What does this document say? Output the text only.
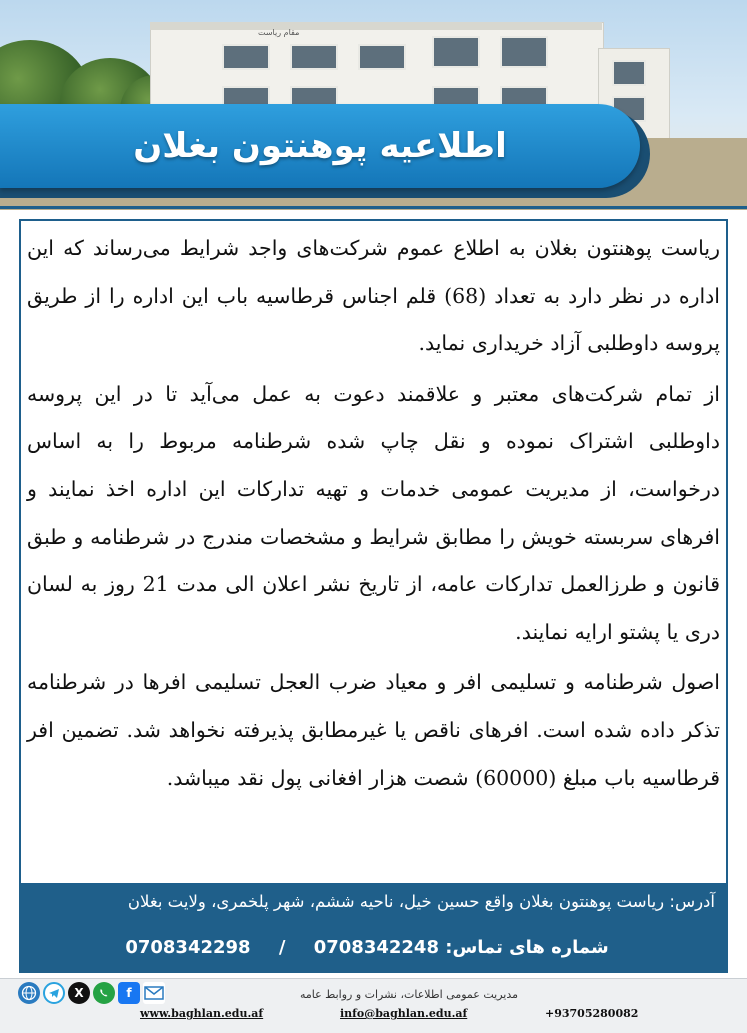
مقام ریاست
اطلاعیه پوهنتون بغلان

ریاست پوهنتون بغلان به اطلاع عموم شرکت‌های واجد شرایط می‌رساند که این اداره در نظر دارد به تعداد (68) قلم اجناس قرطاسیه باب این اداره را از طریق پروسه داوطلبی آزاد خریداری نماید.

از تمام شرکت‌های معتبر و علاقمند دعوت به عمل می‌آید تا در این پروسه داوطلبی اشتراک نموده و نقل چاپ شده شرطنامه مربوط را به اساس درخواست، از مدیریت عمومی خدمات و تهیه تدارکات این اداره اخذ نمایند و افرهای سربسته خویش را مطابق شرایط و مشخصات مندرج در شرطنامه و طبق قانون و طرزالعمل تدارکات عامه، از تاریخ نشر اعلان الی مدت 21 روز به لسان دری یا پشتو ارایه نمایند.

اصول شرطنامه و تسلیمی افر و معیاد ضرب العجل تسلیمی افرها در شرطنامه تذکر داده شده است. افرهای ناقص یا غیرمطابق پذیرفته نخواهد شد. تضمین افر قرطاسیه باب مبلغ (60000) شصت هزار افغانی پول نقد میباشد.

آدرس: ریاست پوهنتون بغلان واقع حسین خیل، ناحیه ششم، شهر پلخمری، ولایت بغلان
شماره های تماس: 0708342248 / 0708342298
X	f	مدیریت عمومی اطلاعات، نشرات و روابط عامه
www.baghlan.edu.af	info@baghlan.edu.af	+93705280082
